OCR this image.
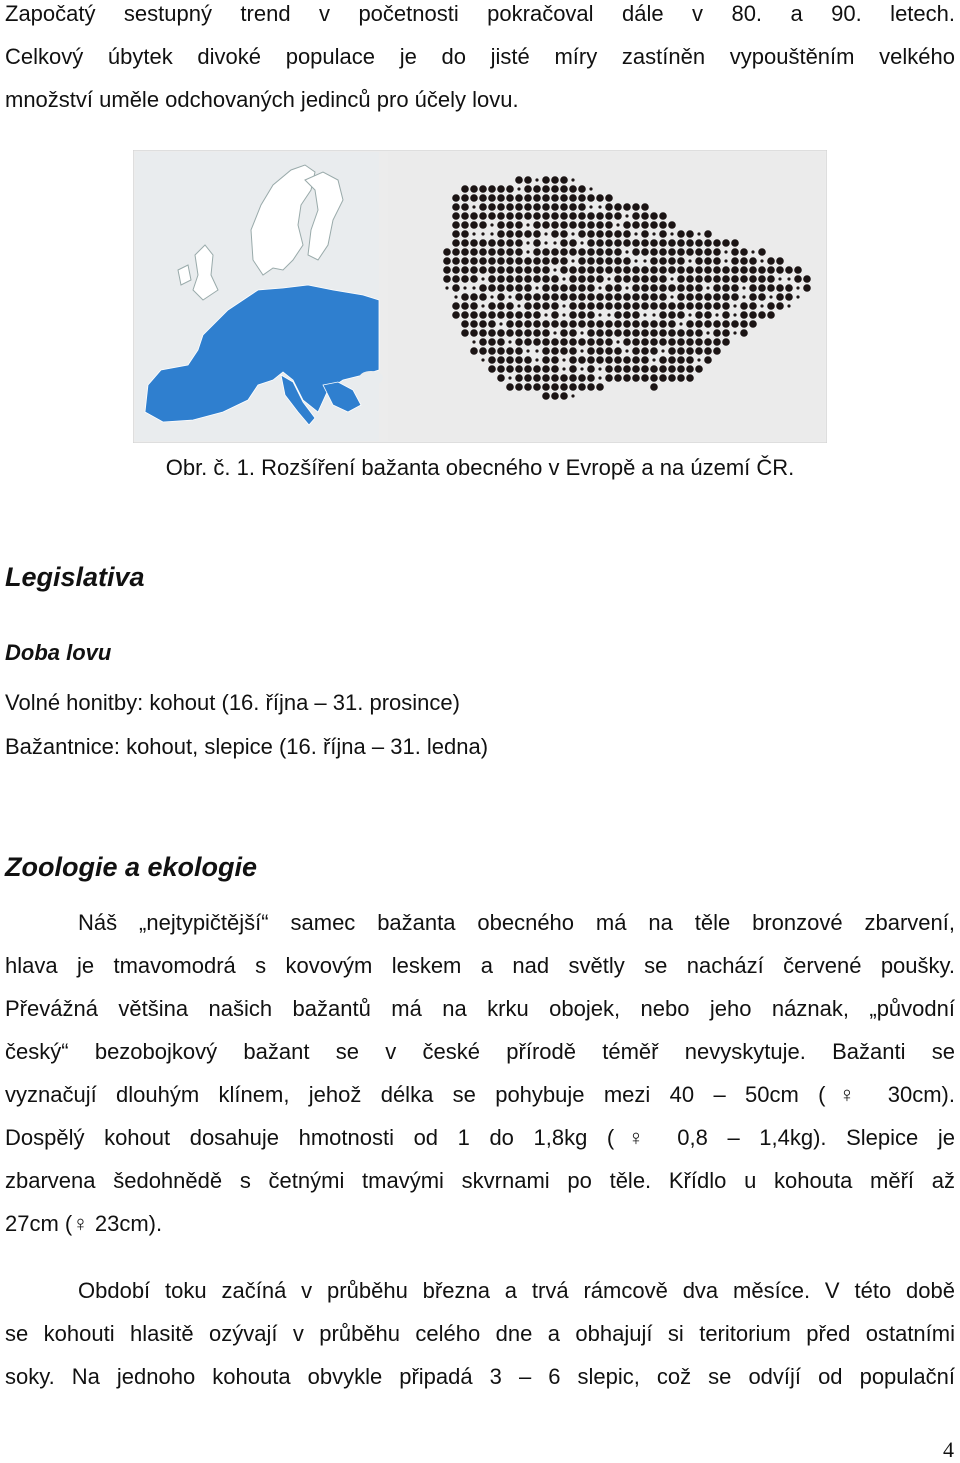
Započatý sestupný trend v početnosti pokračoval dále v 80. a 90. letech.
Celkový úbytek divoké populace je do jisté míry zastíněn vypouštěním velkého
množství uměle odchovaných jedinců pro účely lovu.
Obr. č. 1. Rozšíření bažanta obecného v Evropě a na území ČR.
Legislativa
Doba lovu

Volné honitby: kohout (16. října – 31. prosince)

Bažantnice: kohout, slepice (16. října – 31. ledna)

Zoologie a ekologie
Náš „nejtypičtější“ samec bažanta obecného má na těle bronzové zbarvení,
hlava je tmavomodrá s kovovým leskem a nad světly se nachází červené poušky.
Převážná většina našich bažantů má na krku obojek, nebo jeho náznak, „původní
český“ bezobojkový bažant se v české přírodě téměř nevyskytuje. Bažanti se
vyznačují dlouhým klínem, jehož délka se pohybuje mezi 40 – 50cm (♀ 30cm).
Dospělý kohout dosahuje hmotnosti od 1 do 1,8kg (♀ 0,8 – 1,4kg). Slepice je
zbarvena šedohnědě s četnými tmavými skvrnami po těle. Křídlo u kohouta měří až
27cm (♀ 23cm).
Období toku začíná v průběhu března a trvá rámcově dva měsíce. V této době
se kohouti hlasitě ozývají v průběhu celého dne a obhajují si teritorium před ostatními
soky. Na jednoho kohouta obvykle připadá 3 – 6 slepic, což se odvíjí od populační
4
